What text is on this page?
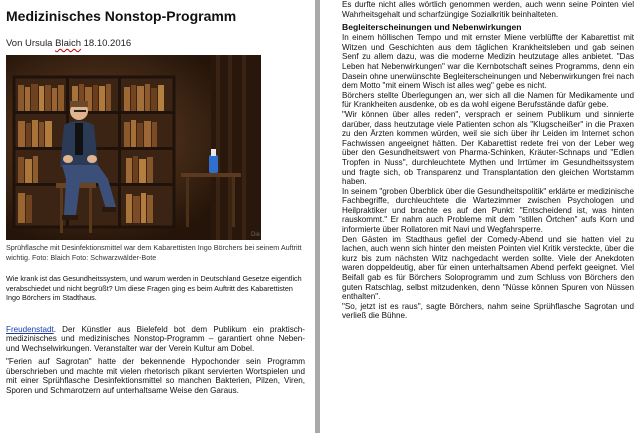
Medizinisches Nonstop-Programm
Von Ursula Blaich 18.10.2016
Die
Sprühflasche mit Desinfektionsmittel war dem Kabarettisten Ingo Börchers bei seinem Auftritt wichtig. Foto: Blaich Foto: Schwarzwälder-Bote
Wie krank ist das Gesundheitssystem, und warum werden in Deutschland Gesetze eigentlich verabschiedet und nicht begrüßt? Um diese Fragen ging es beim Auftritt des Kabarettisten Ingo Börchers im Stadthaus.

Freudenstadt. Der Künstler aus Bielefeld bot dem Publikum ein praktisch-medizinisches und medizinisches Nonstop-Programm – garantiert ohne Neben- und Wechselwirkungen. Veranstalter war der Verein Kultur am Dobel.

"Ferien auf Sagrotan" hatte der bekennende Hypochonder sein Programm überschrieben und machte mit vielen rhetorisch pikant servierten Wortspielen und mit einer Sprühflasche Desinfektionsmittel so manchen Bakterien, Pilzen, Viren, Sporen und Schmarotzern auf unterhaltsame Weise den Garaus.

Es durfte nicht alles wörtlich genommen werden, auch wenn seine Pointen viel Wahrheitsgehalt und scharfzüngige Sozialkritik beinhalteten.

Begleiterscheinungen und Nebenwirkungen

In einem höllischen Tempo und mit ernster Miene verblüffte der Kabarettist mit Witzen und Geschichten aus dem täglichen Krankheitsleben und gab seinen Senf zu allem dazu, was die moderne Medizin heutzutage alles anbietet. "Das Leben hat Nebenwirkungen" war die Kernbotschaft seines Programms, denn ein Dasein ohne unerwünschte Begleiterscheinungen und Nebenwirkungen frei nach dem Motto "mit einem Wisch ist alles weg" gebe es nicht.

Börchers stellte Überlegungen an, wer sich all die Namen für Medikamente und für Krankheiten ausdenke, ob es da wohl eigene Berufsstände dafür gebe.

"Wir können über alles reden", versprach er seinem Publikum und sinnierte darüber, dass heutzutage viele Patienten schon als "Klugscheißer" in die Praxen zu den Ärzten kommen würden, weil sie sich über ihr Leiden im Internet schon Fachwissen angeeignet hätten. Der Kabarettist redete frei von der Leber weg über den Gesundheitswert von Pharma-Schinken, Kräuter-Schnaps und "Edlen Tropfen in Nuss", durchleuchtete Mythen und Irrtümer im Gesundheitssystem und fragte sich, ob Transparenz und Transplantation den gleichen Wortstamm haben.

In seinem "groben Überblick über die Gesundheitspolitik" erklärte er medizinische Fachbegriffe, durchleuchtete die Wartezimmer zwischen Psychologen und Heilpraktiker und brachte es auf den Punkt: "Entscheidend ist, was hinten rauskommt." Er nahm auch Probleme mit dem "stillen Örtchen" aufs Korn und informierte über Rollatoren mit Navi und Wegfahrsperre.

Den Gästen im Stadthaus gefiel der Comedy-Abend und sie hatten viel zu lachen, auch wenn sich hinter den meisten Pointen viel Kritik versteckte, über die kurz bis zum nächsten Witz nachgedacht werden sollte. Viele der Anekdoten waren doppeldeutig, aber für einen unterhaltsamen Abend perfekt geeignet. Viel Beifall gab es für Börchers Soloprogramm und zum Schluss von Börchers den guten Ratschlag, selbst mitzudenken, denn "Nüsse können Spuren von Nüssen enthalten".

"So, jetzt ist es raus", sagte Börchers, nahm seine Sprühflasche Sagrotan und verließ die Bühne.
